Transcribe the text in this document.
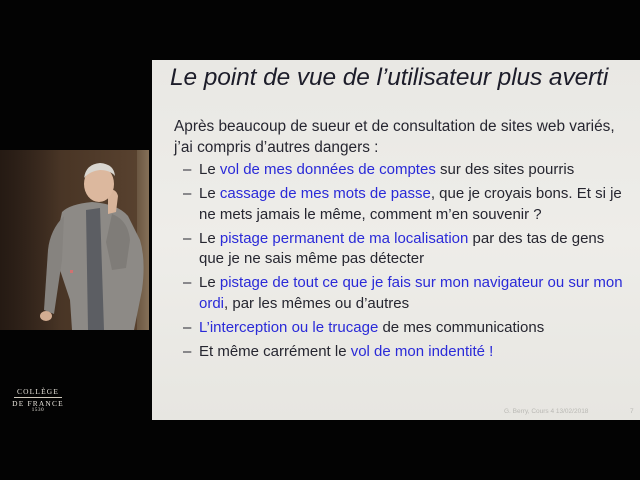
COLLÈGE
DE FRANCE
1530
Le point de vue de l’utilisateur plus averti
Après beaucoup de sueur et de consultation de sites web variés, j’ai compris d’autres dangers :
– Le vol de mes données de comptes sur des sites pourris
– Le cassage de mes mots de passe, que je croyais bons. Et si je ne mets jamais le même, comment m’en souvenir ?
– Le pistage permanent de ma localisation par des tas de gens que je ne sais même pas détecter
– Le pistage de tout ce que je fais sur mon navigateur ou sur mon ordi, par les mêmes ou d’autres
– L’interception ou le trucage de mes communications
– Et même carrément le vol de mon indentité !
G. Berry, Cours 4 13/02/2018	7
